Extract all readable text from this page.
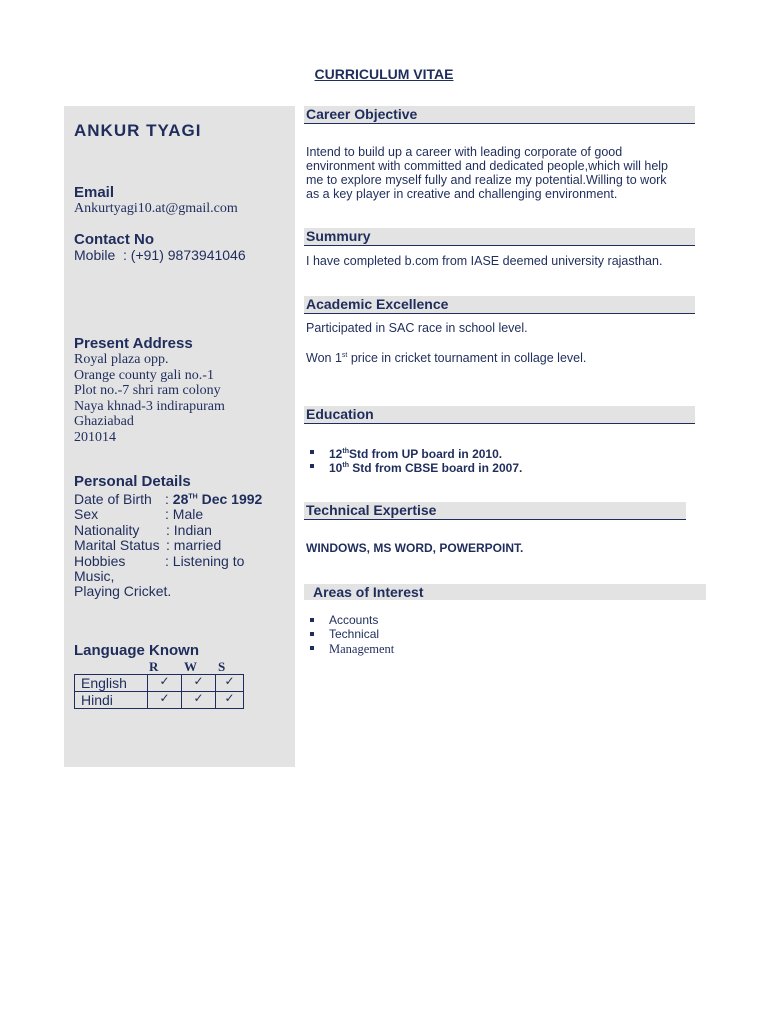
CURRICULUM VITAE
ANKUR TYAGI
Email
Ankurtyagi10.at@gmail.com
Contact No
Mobile  : (+91) 9873941046
Present Address
Royal plaza opp.
Orange county gali no.-1
Plot no.-7 shri ram colony
Naya khnad-3 indirapuram
Ghaziabad
201014
Personal Details
Date of Birth : 28TH Dec 1992
Sex	: Male
Nationality : Indian
Marital Status : married
Hobbies	: Listening to
Music,
Playing Cricket.
Language Known
R W S
English	✓	✓	✓
Hindi	✓	✓	✓
Career Objective
Intend to build up a career with leading corporate of good
environment with committed and dedicated people,which will help
me to explore myself fully and realize my potential.Willing to work
as a key player in creative and challenging environment.
Summury
I have completed b.com from IASE deemed university rajasthan.
Academic Excellence
Participated in SAC race in school level.
Won 1st price in cricket tournament in collage level.
Education
12thStd from UP board in 2010.
10th Std from CBSE board in 2007.
Technical Expertise
WINDOWS, MS WORD, POWERPOINT.
Areas of Interest
Accounts
Technical
Management
